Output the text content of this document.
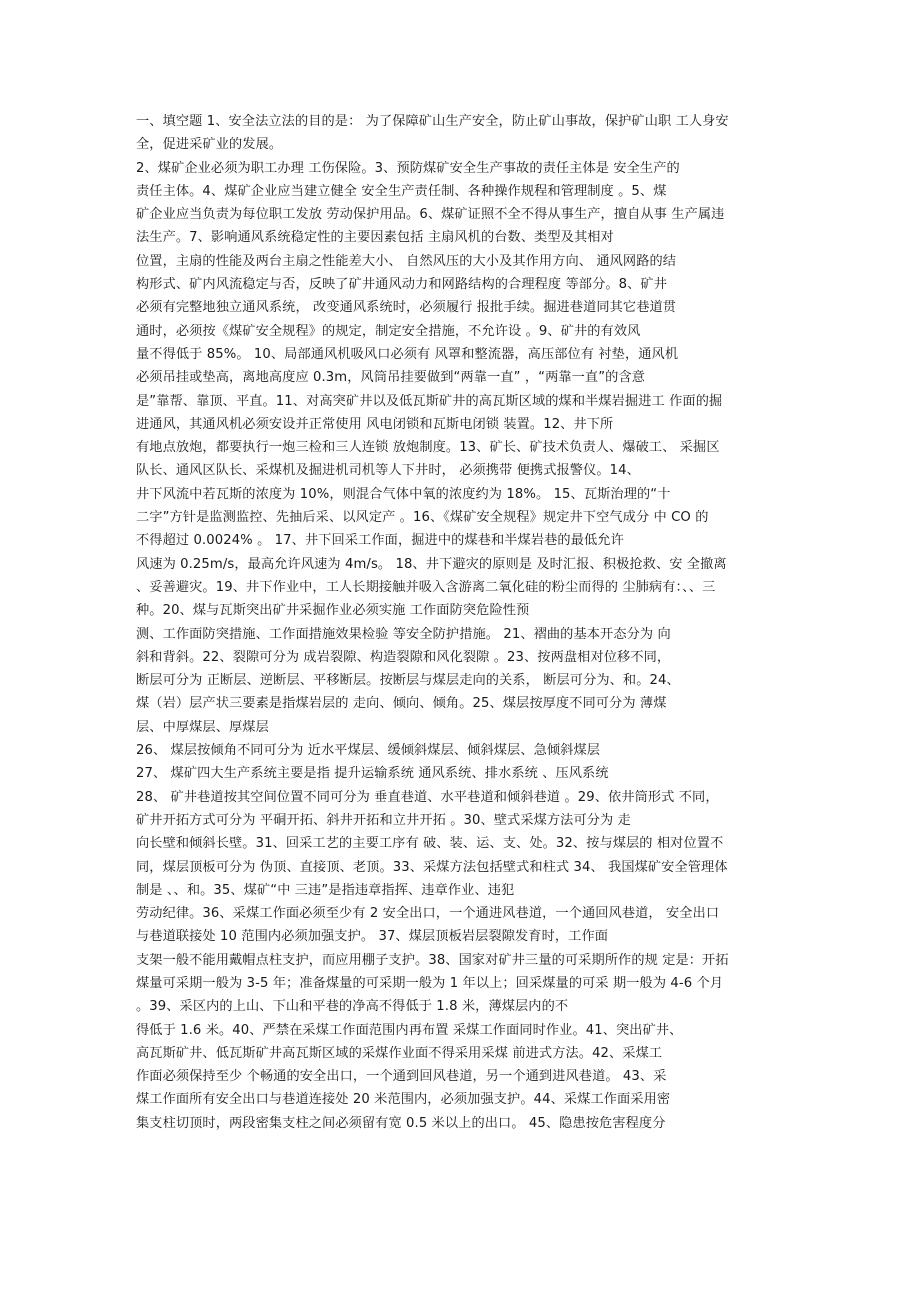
一、填空题 1、安全法立法的目的是： 为了保障矿山生产安全，防止矿山事故，保护矿山职 工人身安
全，促进采矿业的发展。
2、煤矿企业必须为职工办理 工伤保险。3、预防煤矿安全生产事故的责任主体是 安全生产的
责任主体。4、煤矿企业应当建立健全 安全生产责任制、各种操作规程和管理制度 。5、煤
矿企业应当负责为每位职工发放 劳动保护用品。6、煤矿证照不全不得从事生产，擅自从事 生产属违
法生产。7、影响通风系统稳定性的主要因素包括 主扇风机的台数、类型及其相对
位置，主扇的性能及两台主扇之性能差大小、 自然风压的大小及其作用方向、 通风网路的结
构形式、矿内风流稳定与否，反映了矿井通风动力和网路结构的合理程度 等部分。8、矿井
必须有完整地独立通风系统， 改变通风系统时，必须履行 报批手续。掘进巷道同其它巷道贯
通时，必须按《煤矿安全规程》的规定，制定安全措施，不允许设 。9、矿井的有效风
量不得低于 85%。 10、局部通风机吸风口必须有 风罩和整流器，高压部位有 衬垫，通风机
必须吊挂或垫高，离地高度应 0.3m，风筒吊挂要做到“两靠一直” ，“两靠一直”的含意
是”靠帮、靠顶、平直。11、对高突矿井以及低瓦斯矿井的高瓦斯区域的煤和半煤岩掘进工 作面的掘
进通风，其通风机必须安设并正常使用 风电闭锁和瓦斯电闭锁 装置。12、井下所
有地点放炮，都要执行一炮三检和三人连锁 放炮制度。13、矿长、矿技术负责人、爆破工、 采掘区
队长、通风区队长、采煤机及掘进机司机等人下井时， 必须携带 便携式报警仪。14、
井下风流中若瓦斯的浓度为 10%，则混合气体中氧的浓度约为 18%。 15、瓦斯治理的“十
二字”方针是监测监控、先抽后采、以风定产 。16、《煤矿安全规程》规定井下空气成分 中 CO 的
不得超过 0.0024% 。 17、井下回采工作面，掘进中的煤巷和半煤岩巷的最低允许
风速为 0.25m/s，最高允许风速为 4m/s。 18、井下避灾的原则是 及时汇报、积极抢救、安 全撤离
、妥善避灾。19、井下作业中，工人长期接触并吸入含游离二氧化硅的粉尘而得的 尘肺病有：、、三
种。20、煤与瓦斯突出矿井采掘作业必须实施 工作面防突危险性预
测、工作面防突措施、工作面措施效果检验 等安全防护措施。 21、褶曲的基本开态分为 向
斜和背斜。22、裂隙可分为 成岩裂隙、构造裂隙和风化裂隙 。23、按两盘相对位移不同，
断层可分为 正断层、逆断层、平移断层。按断层与煤层走向的关系， 断层可分为、和。24、
煤（岩）层产状三要素是指煤岩层的 走向、倾向、倾角。25、煤层按厚度不同可分为 薄煤
层、中厚煤层、厚煤层
26、 煤层按倾角不同可分为 近水平煤层、缓倾斜煤层、倾斜煤层、急倾斜煤层
27、 煤矿四大生产系统主要是指 提升运输系统 通风系统、排水系统 、压风系统
28、 矿井巷道按其空间位置不同可分为 垂直巷道、水平巷道和倾斜巷道 。29、依井筒形式 不同，
矿井开拓方式可分为 平硐开拓、斜井开拓和立井开拓 。30、壁式采煤方法可分为 走
向长壁和倾斜长壁。31、回采工艺的主要工序有 破、装、运、支、处。32、按与煤层的 相对位置不
同，煤层顶板可分为 伪顶、直接顶、老顶。33、采煤方法包括壁式和柱式 34、 我国煤矿安全管理体
制是 、、和。35、煤矿“中 三违”是指违章指挥、违章作业、违犯
劳动纪律。36、采煤工作面必须至少有 2 安全出口，一个通进风巷道，一个通回风巷道， 安全出口
与巷道联接处 10 范围内必须加强支护。 37、煤层顶板岩层裂隙发育时，工作面
支架一般不能用戴帽点柱支护，而应用棚子支护。38、国家对矿井三量的可采期所作的规 定是：开拓
煤量可采期一般为 3-5 年；准备煤量的可采期一般为 1 年以上；回采煤量的可采 期一般为 4-6 个月
。39、采区内的上山、下山和平巷的净高不得低于 1.8 米，薄煤层内的不
得低于 1.6 米。40、严禁在采煤工作面范围内再布置 采煤工作面同时作业。41、突出矿井、
高瓦斯矿井、低瓦斯矿井高瓦斯区域的采煤作业面不得采用采煤 前进式方法。42、采煤工
作面必须保持至少 个畅通的安全出口，一个通到回风巷道，另一个通到进风巷道。 43、采
煤工作面所有安全出口与巷道连接处 20 米范围内，必须加强支护。44、采煤工作面采用密
集支柱切顶时，两段密集支柱之间必须留有宽 0.5 米以上的出口。 45、隐患按危害程度分
